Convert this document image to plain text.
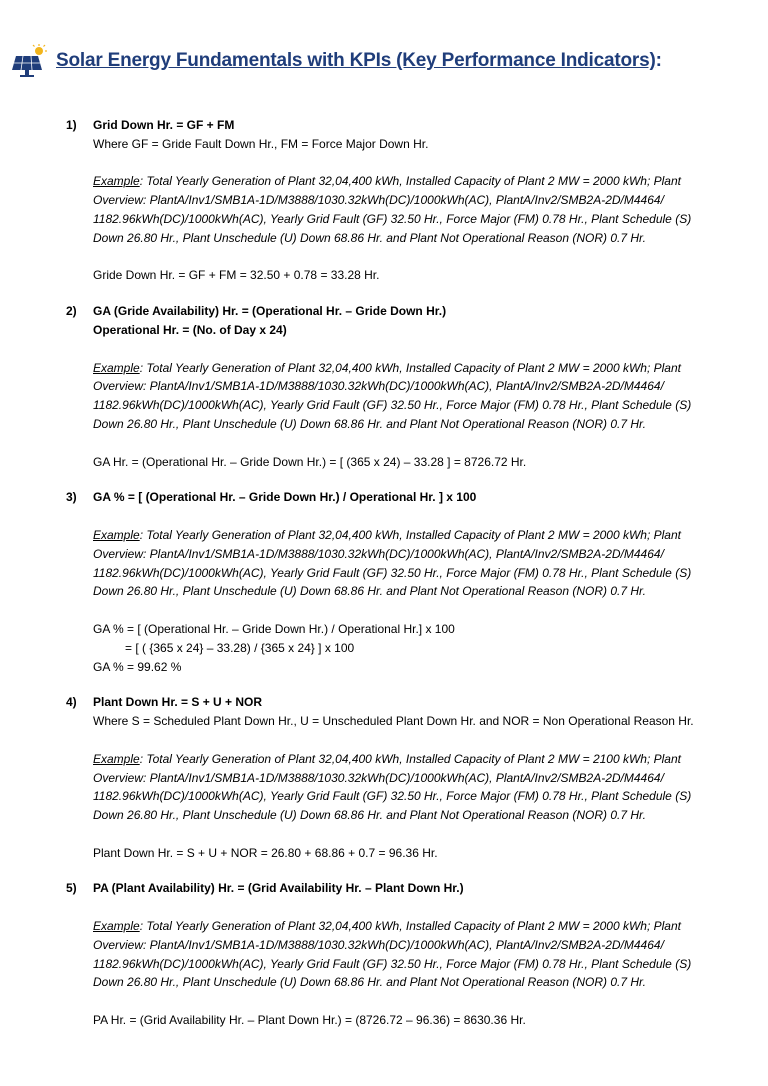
Solar Energy Fundamentals with KPIs (Key Performance Indicators) :
1)	Grid Down Hr. = GF + FM
Where GF = Gride Fault Down Hr., FM = Force Major Down Hr.
Example: Total Yearly Generation of Plant 32,04,400 kWh, Installed Capacity of Plant 2 MW = 2000 kWh; Plant
Overview: PlantA/Inv1/SMB1A-1D/M3888/1030.32kWh(DC)/1000kWh(AC), PlantA/Inv2/SMB2A-2D/M4464/
1182.96kWh(DC)/1000kWh(AC), Yearly Grid Fault (GF) 32.50 Hr., Force Major (FM) 0.78 Hr., Plant Schedule (S)
Down 26.80 Hr., Plant Unschedule (U) Down 68.86 Hr. and Plant Not Operational Reason (NOR) 0.7 Hr.
Gride Down Hr. = GF + FM = 32.50 + 0.78 = 33.28 Hr.
2)	GA (Gride Availability) Hr. = (Operational Hr. – Gride Down Hr.)
Operational Hr. = (No. of Day x 24)
Example: Total Yearly Generation of Plant 32,04,400 kWh, Installed Capacity of Plant 2 MW = 2000 kWh; Plant
Overview: PlantA/Inv1/SMB1A-1D/M3888/1030.32kWh(DC)/1000kWh(AC), PlantA/Inv2/SMB2A-2D/M4464/
1182.96kWh(DC)/1000kWh(AC), Yearly Grid Fault (GF) 32.50 Hr., Force Major (FM) 0.78 Hr., Plant Schedule (S)
Down 26.80 Hr., Plant Unschedule (U) Down 68.86 Hr. and Plant Not Operational Reason (NOR) 0.7 Hr.
GA Hr. = (Operational Hr. – Gride Down Hr.) = [ (365 x 24) – 33.28 ] = 8726.72 Hr.
3)	GA % = [ (Operational Hr. – Gride Down Hr.) / Operational Hr. ] x 100
Example: Total Yearly Generation of Plant 32,04,400 kWh, Installed Capacity of Plant 2 MW = 2000 kWh; Plant
Overview: PlantA/Inv1/SMB1A-1D/M3888/1030.32kWh(DC)/1000kWh(AC), PlantA/Inv2/SMB2A-2D/M4464/
1182.96kWh(DC)/1000kWh(AC), Yearly Grid Fault (GF) 32.50 Hr., Force Major (FM) 0.78 Hr., Plant Schedule (S)
Down 26.80 Hr., Plant Unschedule (U) Down 68.86 Hr. and Plant Not Operational Reason (NOR) 0.7 Hr.
GA % = [ (Operational Hr. – Gride Down Hr.) / Operational Hr.] x 100
= [ ( {365 x 24} – 33.28) / {365 x 24} ] x 100
GA % = 99.62 %
4)	Plant Down Hr. = S + U + NOR
Where S = Scheduled Plant Down Hr., U = Unscheduled Plant Down Hr. and NOR = Non Operational Reason Hr.
Example: Total Yearly Generation of Plant 32,04,400 kWh, Installed Capacity of Plant 2 MW = 2100 kWh; Plant
Overview: PlantA/Inv1/SMB1A-1D/M3888/1030.32kWh(DC)/1000kWh(AC), PlantA/Inv2/SMB2A-2D/M4464/
1182.96kWh(DC)/1000kWh(AC), Yearly Grid Fault (GF) 32.50 Hr., Force Major (FM) 0.78 Hr., Plant Schedule (S)
Down 26.80 Hr., Plant Unschedule (U) Down 68.86 Hr. and Plant Not Operational Reason (NOR) 0.7 Hr.
Plant Down Hr. = S + U + NOR = 26.80 + 68.86 + 0.7 = 96.36 Hr.
5)	PA (Plant Availability) Hr. = (Grid Availability Hr. – Plant Down Hr.)
Example: Total Yearly Generation of Plant 32,04,400 kWh, Installed Capacity of Plant 2 MW = 2000 kWh; Plant
Overview: PlantA/Inv1/SMB1A-1D/M3888/1030.32kWh(DC)/1000kWh(AC), PlantA/Inv2/SMB2A-2D/M4464/
1182.96kWh(DC)/1000kWh(AC), Yearly Grid Fault (GF) 32.50 Hr., Force Major (FM) 0.78 Hr., Plant Schedule (S)
Down 26.80 Hr., Plant Unschedule (U) Down 68.86 Hr. and Plant Not Operational Reason (NOR) 0.7 Hr.
PA Hr. = (Grid Availability Hr. – Plant Down Hr.) = (8726.72 – 96.36) = 8630.36 Hr.
